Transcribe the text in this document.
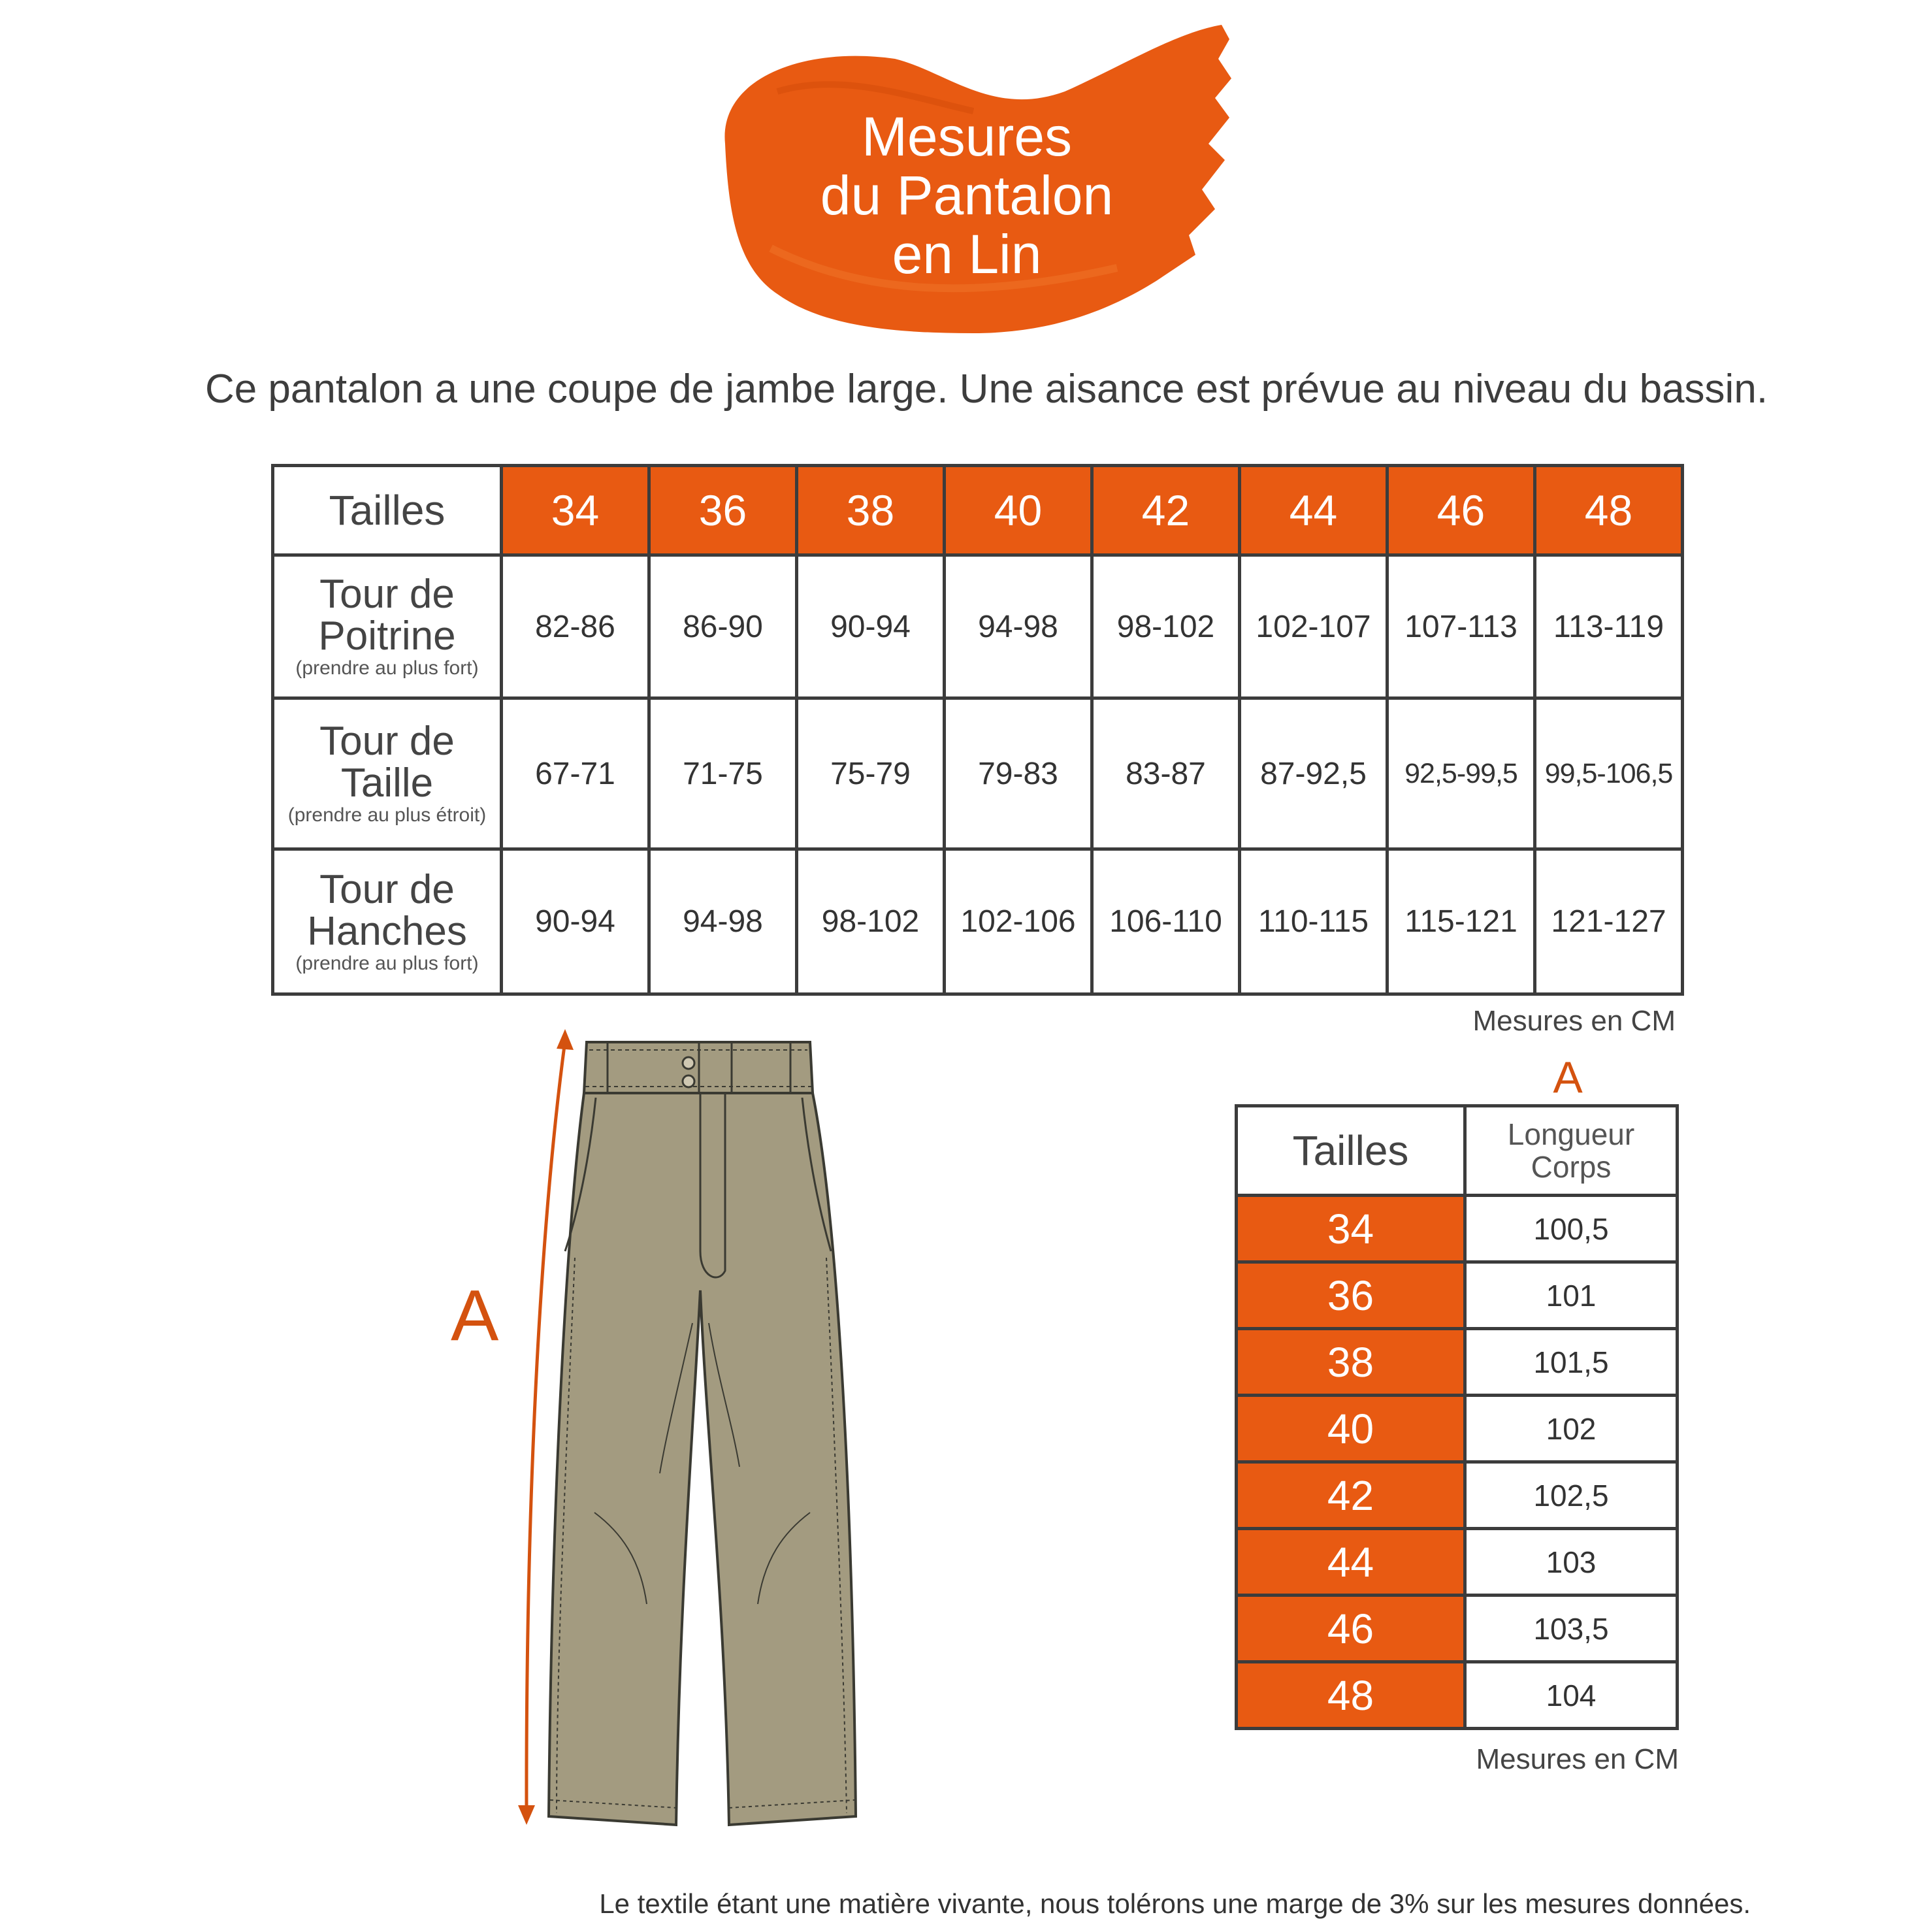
Mesures
du Pantalon
en Lin
Ce pantalon a une coupe de jambe large. Une aisance est prévue au niveau du bassin.
Tailles	34	36	38	40	42	44	46	48

Tour de
Poitrine
(prendre au plus fort)	82-86	86-90	90-94	94-98	98-102	102-107	107-113	113-119

Tour de
Taille
(prendre au plus étroit)	67-71	71-75	75-79	79-83	83-87	87-92,5	92,5-99,5	99,5-106,5

Tour de
Hanches
(prendre au plus fort)	90-94	94-98	98-102	102-106	106-110	110-115	115-121	121-127
Mesures en CM
A
A
Tailles	Longueur
Corps

34	100,5
36	101
38	101,5
40	102
42	102,5
44	103
46	103,5
48	104
Mesures en CM
Le textile étant une matière vivante, nous tolérons une marge de 3% sur les mesures données.
